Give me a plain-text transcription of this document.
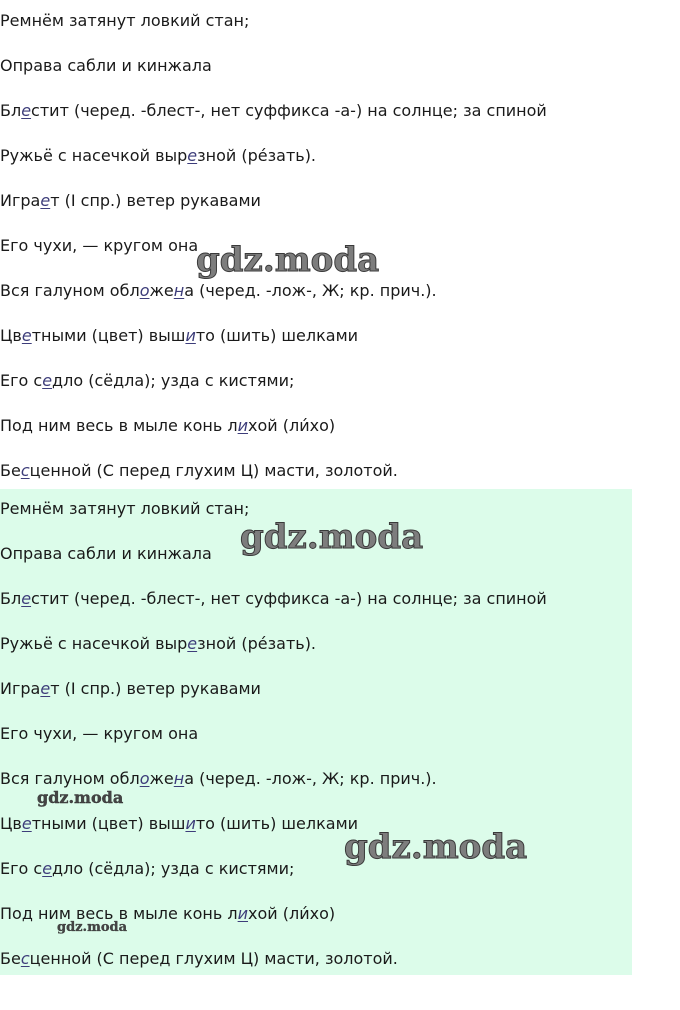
Ремнём затянут ловкий стан;
Оправа сабли и кинжала
Блестит (черед. -блест-, нет суффикса -а-) на солнце; за спиной
Ружьё с насечкой вырезной (ре́зать).
Играет (I спр.) ветер рукавами
Его чухи, — кругом она
Вся галуном обложена (черед. -лож-, Ж; кр. прич.).
Цветными (цвет) вышито (шить) шелками
Его седло (сёдла); узда с кистями;
Под ним весь в мыле конь лихой (ли́хо)
Бесценной (С перед глухим Ц) масти, золотой.
Ремнём затянут ловкий стан;
Оправа сабли и кинжала
Блестит (черед. -блест-, нет суффикса -а-) на солнце; за спиной
Ружьё с насечкой вырезной (ре́зать).
Играет (I спр.) ветер рукавами
Его чухи, — кругом она
Вся галуном обложена (черед. -лож-, Ж; кр. прич.).
Цветными (цвет) вышито (шить) шелками
Его седло (сёдла); узда с кистями;
Под ним весь в мыле конь лихой (ли́хо)
Бесценной (С перед глухим Ц) масти, золотой.
gdz.moda
gdz.moda
gdz.moda
gdz.moda
gdz.moda
